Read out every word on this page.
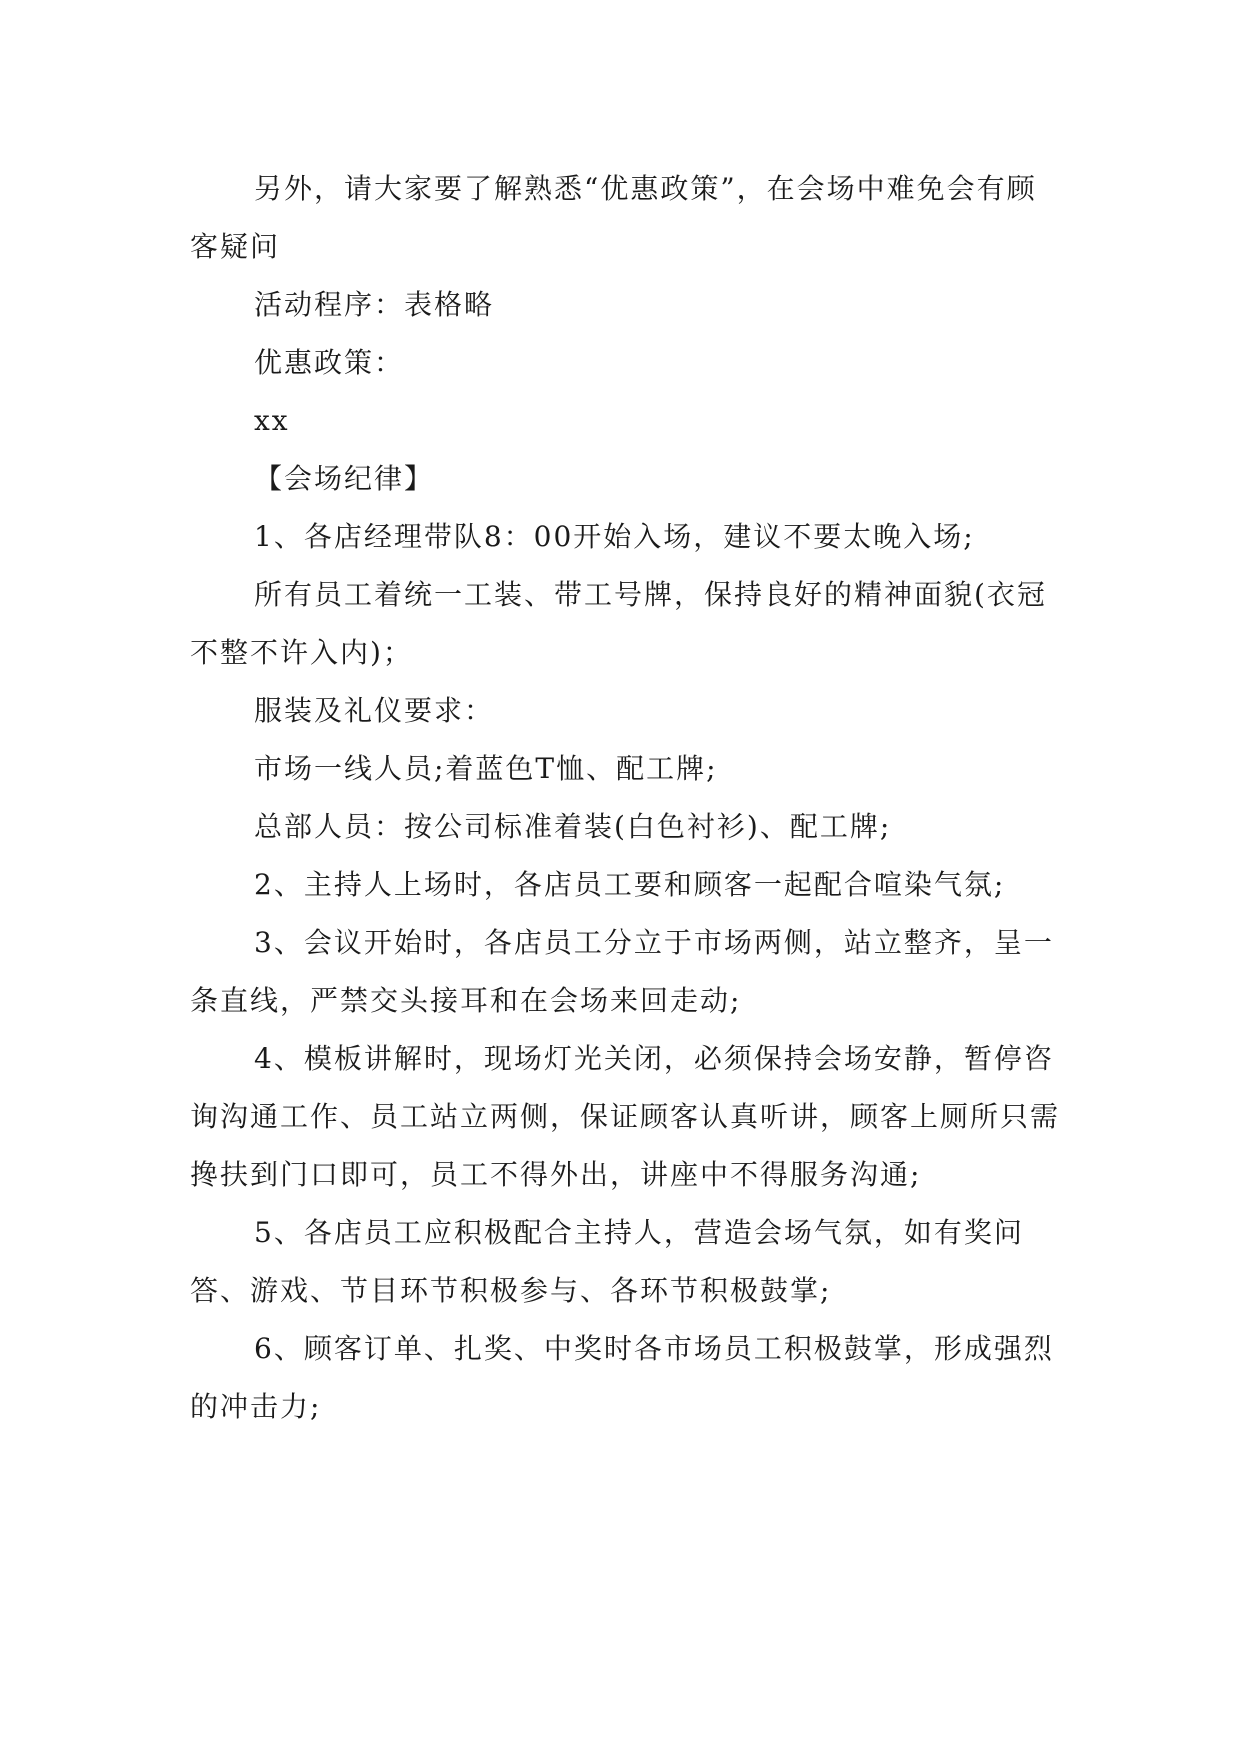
另外，请大家要了解熟悉“优惠政策”，在会场中难免会有顾客疑问

活动程序：表格略

优惠政策：

xx

【会场纪律】

1、各店经理带队8：00开始入场，建议不要太晚入场;

所有员工着统一工装、带工号牌，保持良好的精神面貌(衣冠不整不许入内)；

服装及礼仪要求：

市场一线人员;着蓝色T恤、配工牌;

总部人员：按公司标准着装(白色衬衫)、配工牌;

2、主持人上场时，各店员工要和顾客一起配合喧染气氛;

3、会议开始时，各店员工分立于市场两侧，站立整齐，呈一条直线，严禁交头接耳和在会场来回走动;

4、模板讲解时，现场灯光关闭，必须保持会场安静，暂停咨询沟通工作、员工站立两侧，保证顾客认真听讲，顾客上厕所只需搀扶到门口即可，员工不得外出，讲座中不得服务沟通;

5、各店员工应积极配合主持人，营造会场气氛，如有奖问答、游戏、节目环节积极参与、各环节积极鼓掌;

6、顾客订单、扎奖、中奖时各市场员工积极鼓掌，形成强烈的冲击力;
